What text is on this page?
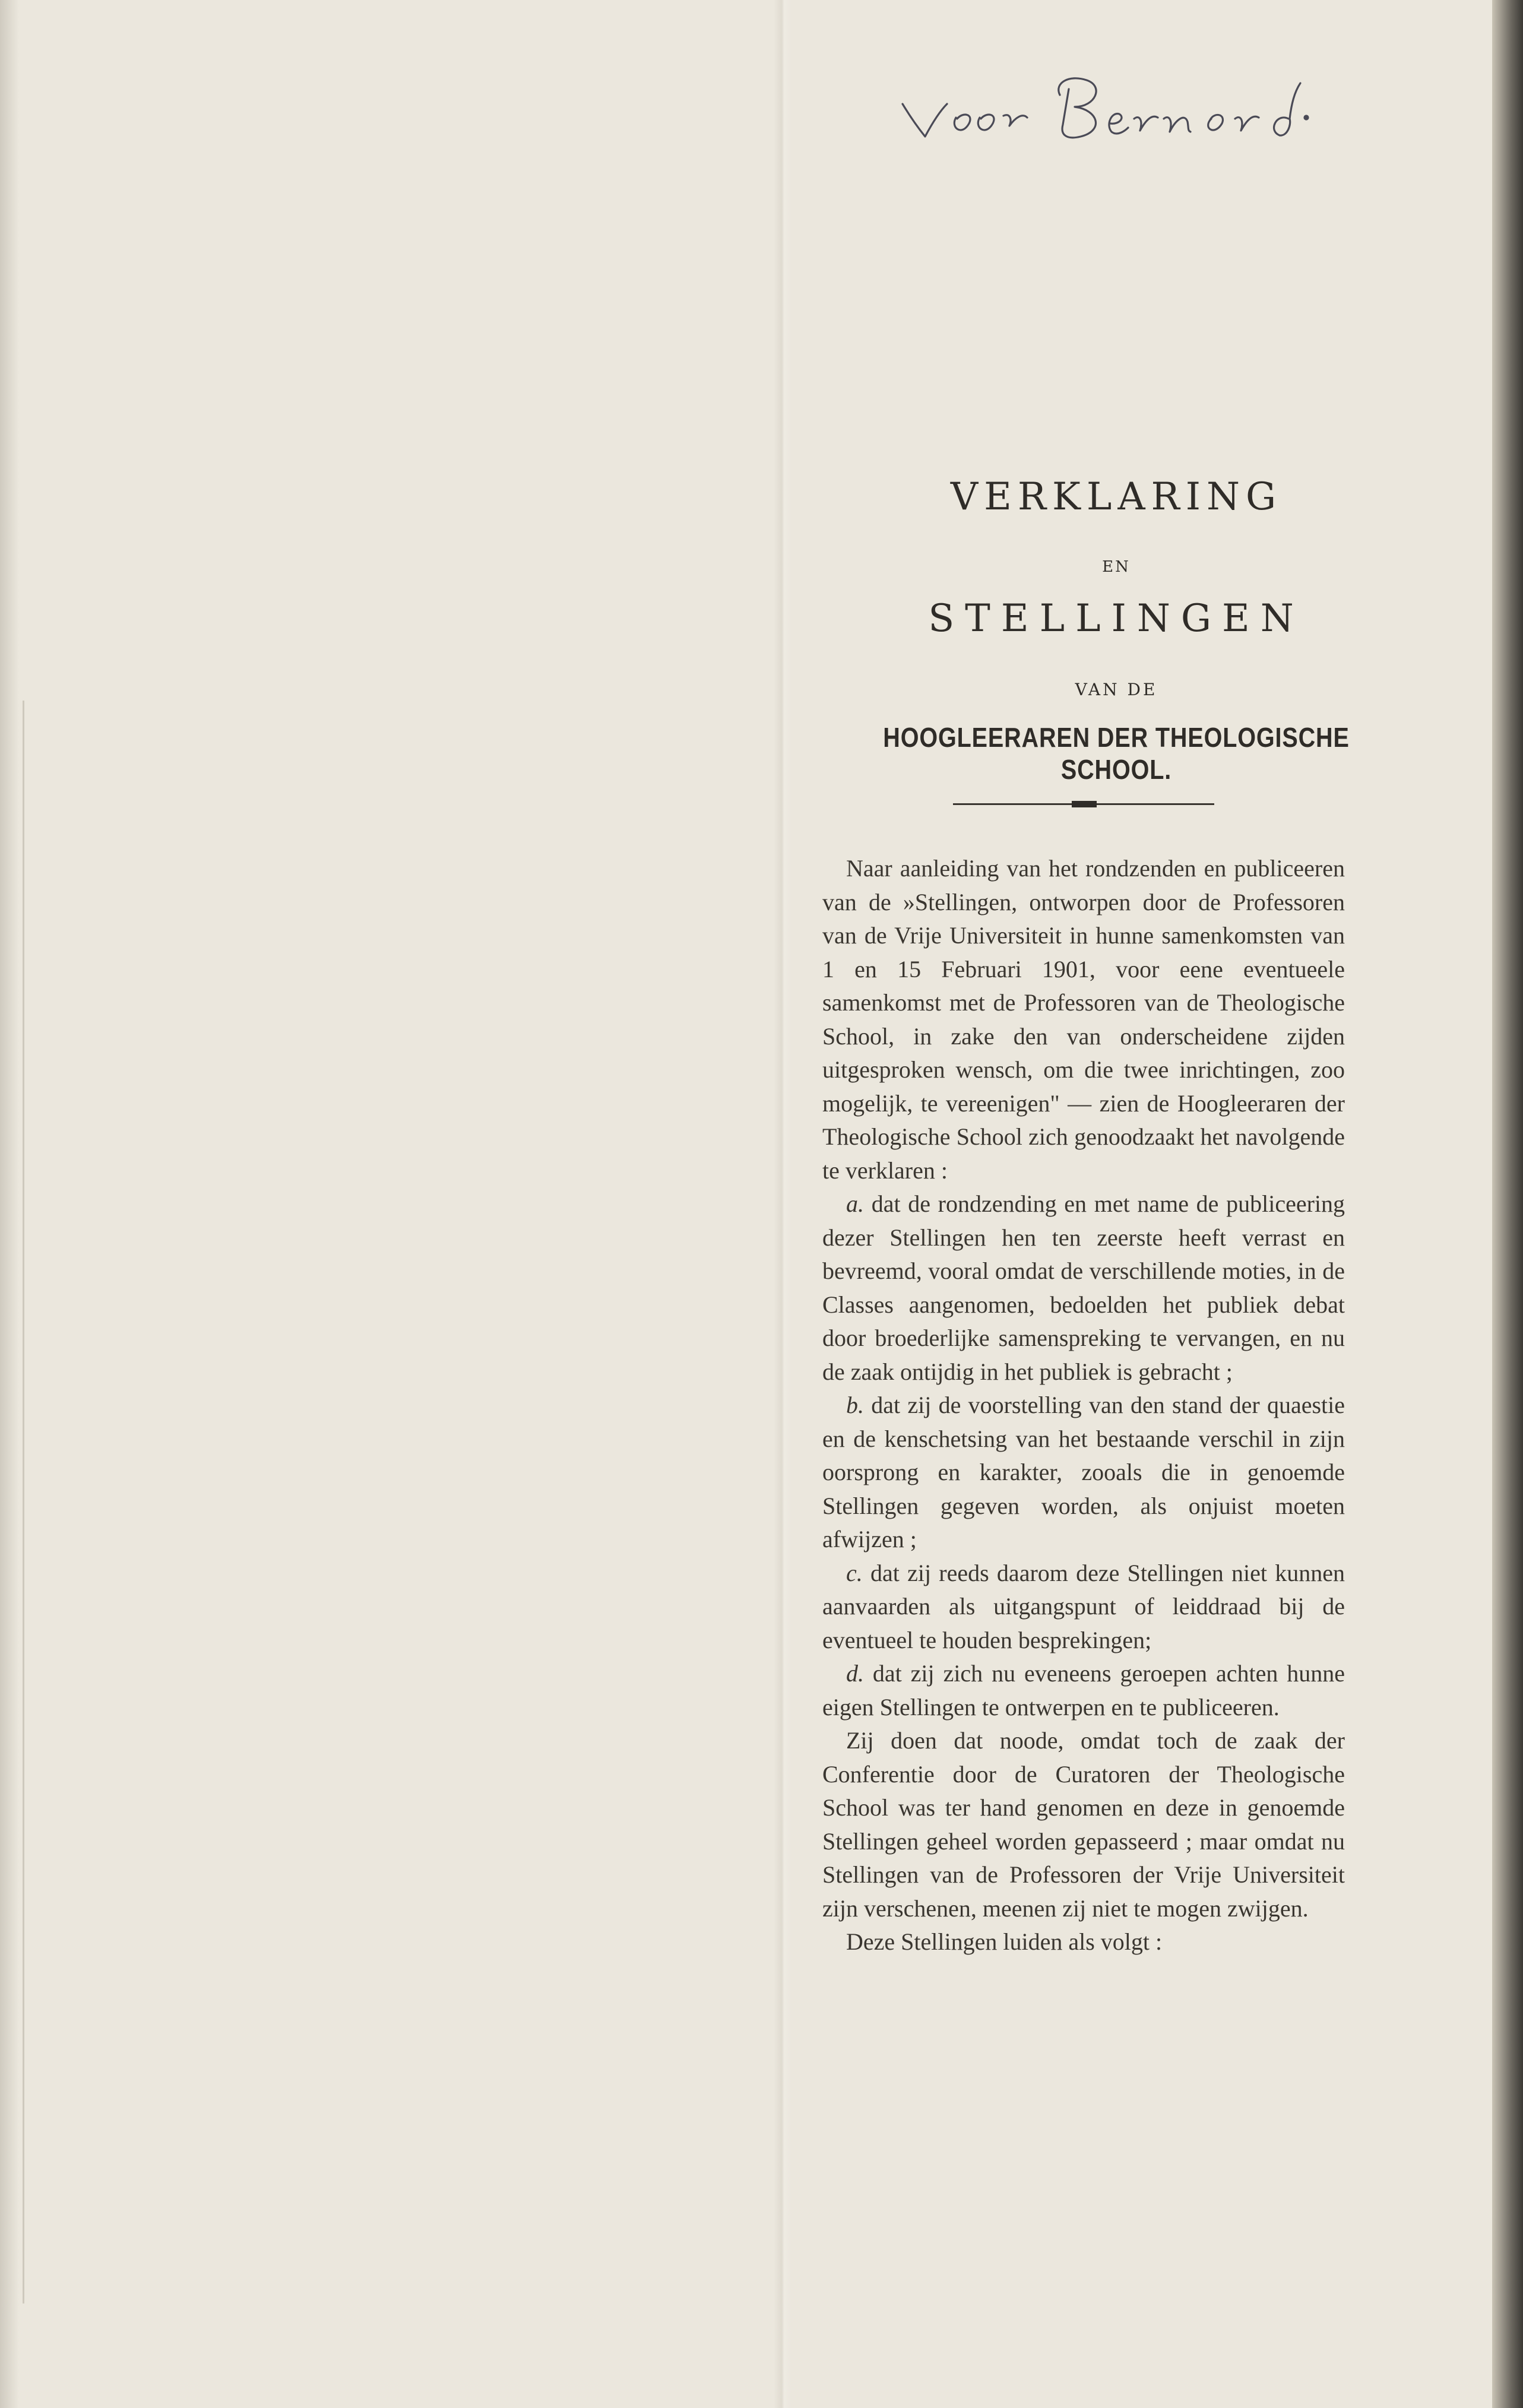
VERKLARING
EN
STELLINGEN
VAN DE
HOOGLEERAREN DER THEOLOGISCHE SCHOOL.

Naar aanleiding van het rondzenden en publiceeren van de »Stellingen, ontworpen door de Professoren van de Vrije Universiteit in hunne samenkomsten van 1 en 15 Februari 1901, voor eene eventueele samenkomst met de Professoren van de Theologische School, in zake den van onderscheidene zijden uitgesproken wensch, om die twee inrichtingen, zoo mogelijk, te vereenigen" — zien de Hoogleeraren der Theologische School zich genoodzaakt het navolgende te verklaren :

a. dat de rondzending en met name de publiceering dezer Stellingen hen ten zeerste heeft verrast en bevreemd, vooral omdat de verschillende moties, in de Classes aangenomen, bedoelden het publiek debat door broederlijke samenspreking te vervangen, en nu de zaak ontijdig in het publiek is gebracht ;

b. dat zij de voorstelling van den stand der quaestie en de kenschetsing van het bestaande verschil in zijn oorsprong en karakter, zooals die in genoemde Stellingen gegeven worden, als onjuist moeten afwijzen ;

c. dat zij reeds daarom deze Stellingen niet kunnen aanvaarden als uitgangspunt of leiddraad bij de eventueel te houden besprekingen;

d. dat zij zich nu eveneens geroepen achten hunne eigen Stellingen te ontwerpen en te publiceeren.

Zij doen dat noode, omdat toch de zaak der Conferentie door de Curatoren der Theologische School was ter hand genomen en deze in genoemde Stellingen geheel worden gepasseerd ; maar omdat nu Stellingen van de Professoren der Vrije Universiteit zijn verschenen, meenen zij niet te mogen zwijgen.

Deze Stellingen luiden als volgt :
